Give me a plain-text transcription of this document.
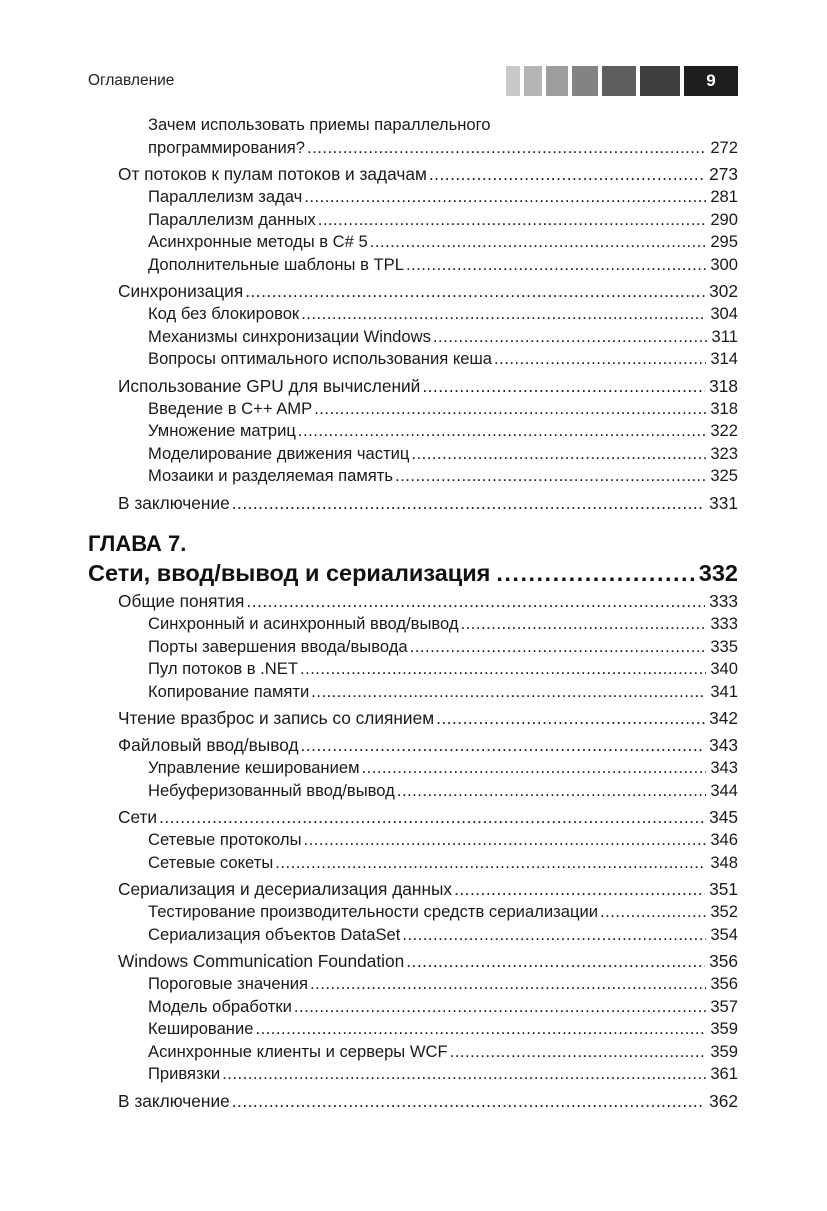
Оглавление	9
Зачем использовать приемы параллельного
программирования? .....	272
От потоков к пулам потоков и задачам .....	273
Параллелизм задач .....	281
Параллелизм данных .....	290
Асинхронные методы в C# 5 .....	295
Дополнительные шаблоны в TPL .....	300
Синхронизация .....	302
Код без блокировок .....	304
Механизмы синхронизации Windows .....	311
Вопросы оптимального использования кеша .....	314
Использование GPU для вычислений .....	318
Введение в C++ AMP .....	318
Умножение матриц .....	322
Моделирование движения частиц .....	323
Мозаики и разделяемая память .....	325
В заключение .....	331
ГЛАВА 7.
Сети, ввод/вывод и сериализация .....	332
Общие понятия .....	333
Синхронный и асинхронный ввод/вывод .....	333
Порты завершения ввода/вывода .....	335
Пул потоков в .NET .....	340
Копирование памяти .....	341
Чтение вразброс и запись со слиянием .....	342
Файловый ввод/вывод .....	343
Управление кешированием .....	343
Небуферизованный ввод/вывод .....	344
Сети .....	345
Сетевые протоколы .....	346
Сетевые сокеты .....	348
Сериализация и десериализация данных .....	351
Тестирование производительности средств сериализации .....	352
Сериализация объектов DataSet .....	354
Windows Communication Foundation .....	356
Пороговые значения .....	356
Модель обработки .....	357
Кеширование .....	359
Асинхронные клиенты и серверы WCF .....	359
Привязки .....	361
В заключение .....	362
